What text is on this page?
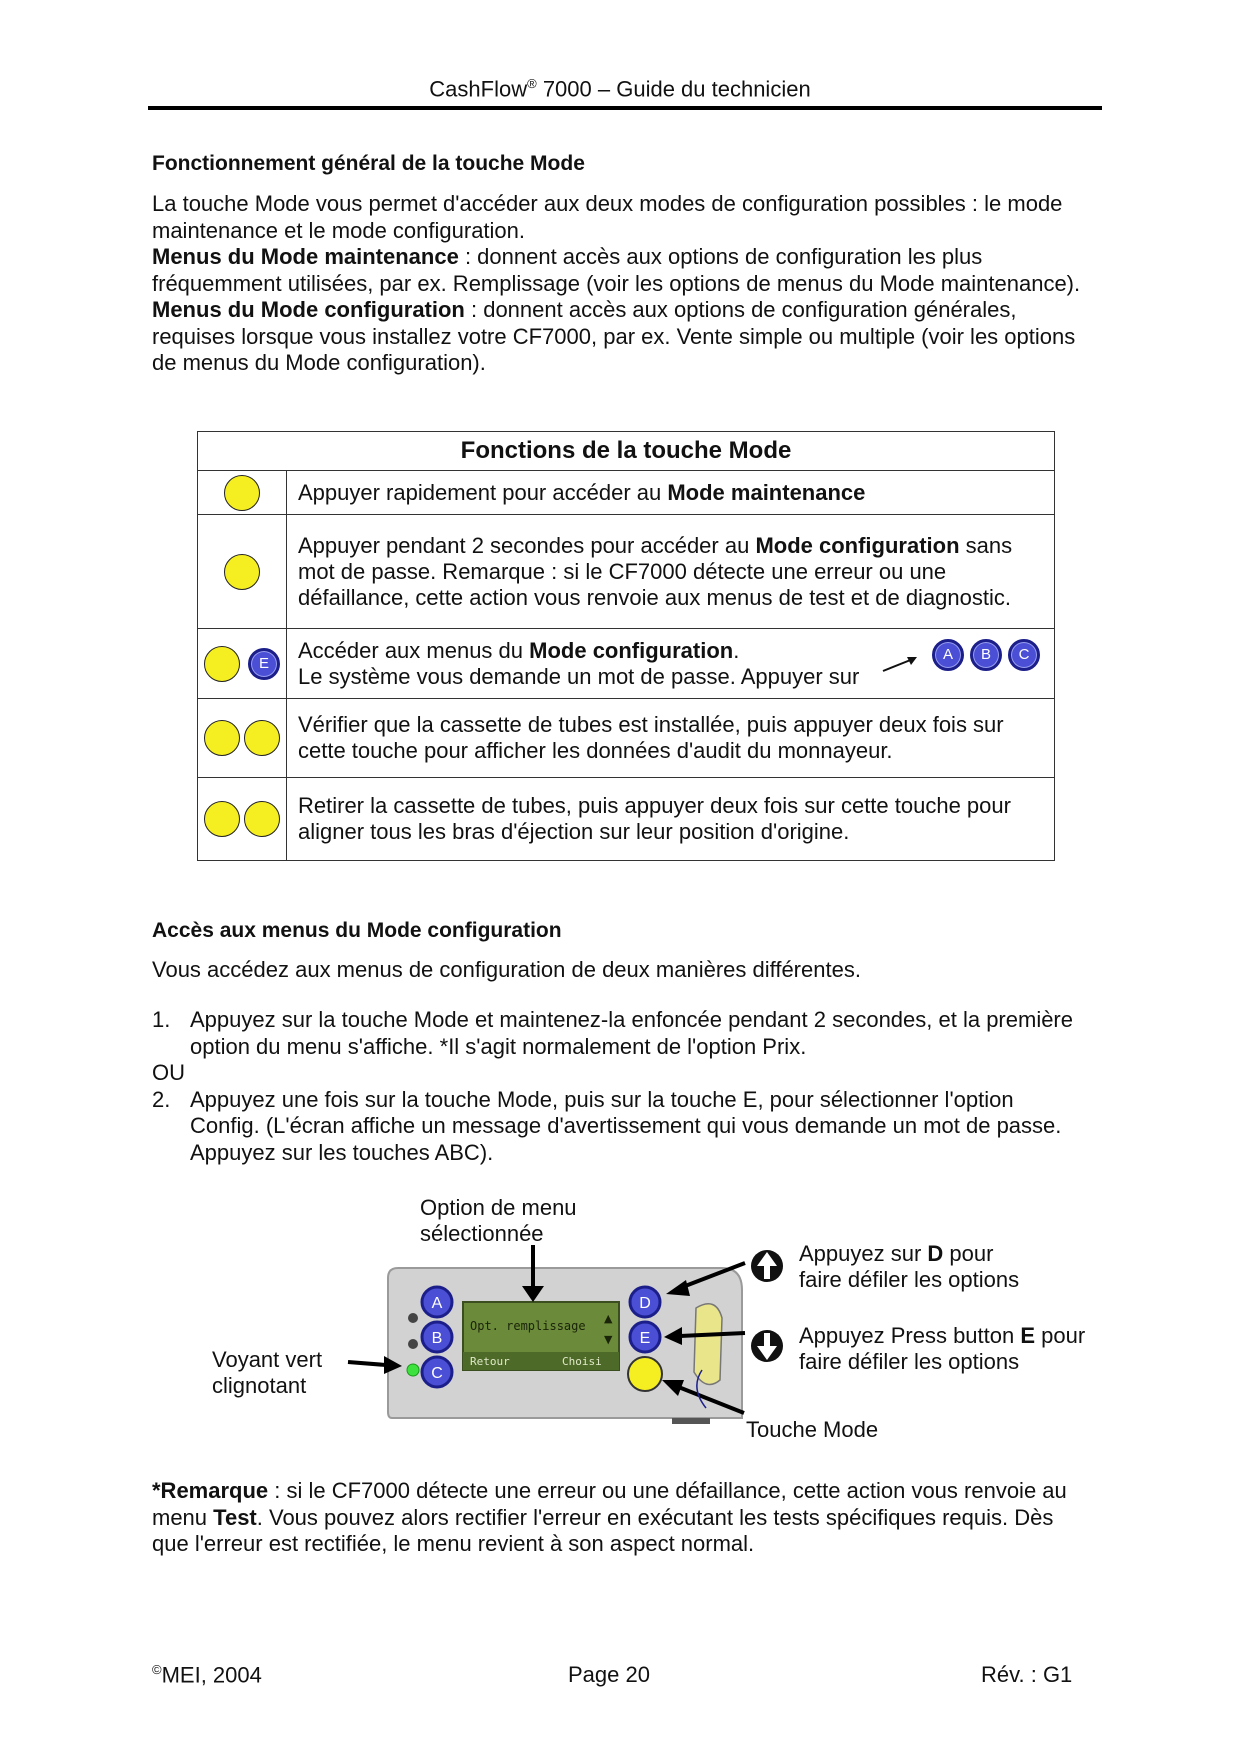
CashFlow® 7000 – Guide du technicien
Fonctionnement général de la touche Mode

La touche Mode vous permet d'accéder aux deux modes de configuration possibles : le mode maintenance et le mode configuration.

Menus du Mode maintenance : donnent accès aux options de configuration les plus fréquemment utilisées, par ex. Remplissage (voir les options de menus du Mode maintenance).

Menus du Mode configuration : donnent accès aux options de configuration générales, requises lorsque vous installez votre CF7000, par ex. Vente simple ou multiple (voir les options de menus du Mode configuration).

Fonctions de la touche Mode	
	Appuyer rapidement pour accéder au Mode maintenance
	Appuyer pendant 2 secondes pour accéder au Mode configuration sans mot de passe. Remarque : si le CF7000 détecte une erreur ou une défaillance, cette action vous renvoie aux menus de test et de diagnostic.
E	Accéder aux menus du Mode configuration.
Le système vous demande un mot de passe. Appuyer sur
A B C

	Vérifier que la cassette de tubes est installée, puis appuyer deux fois sur cette touche pour afficher les données d'audit du monnayeur.
	Retirer la cassette de tubes, puis appuyer deux fois sur cette touche pour aligner tous les bras d'éjection sur leur position d'origine.
Accès aux menus du Mode configuration
Vous accédez aux menus de configuration de deux manières différentes.
1. Appuyez sur la touche Mode et maintenez-la enfoncée pendant 2 secondes, et la première option du menu s'affiche. *Il s'agit normalement de l'option Prix.
OU
2. Appuyez une fois sur la touche Mode, puis sur la touche E, pour sélectionner l'option Config. (L'écran affiche un message d'avertissement qui vous demande un mot de passe. Appuyez sur les touches ABC).
Option de menu
sélectionnée
Voyant vert
clignotant
Appuyez sur D pour
faire défiler les options
Appuyez Press button E pour
faire défiler les options
Touche Mode
Opt. remplissage
Retour	Choisi
▲
▼
A
B
C
D
E
*Remarque : si le CF7000 détecte une erreur ou une défaillance, cette action vous renvoie au menu Test. Vous pouvez alors rectifier l'erreur en exécutant les tests spécifiques requis. Dès que l'erreur est rectifiée, le menu revient à son aspect normal.
©MEI, 2004	Page 20	Rév. : G1
